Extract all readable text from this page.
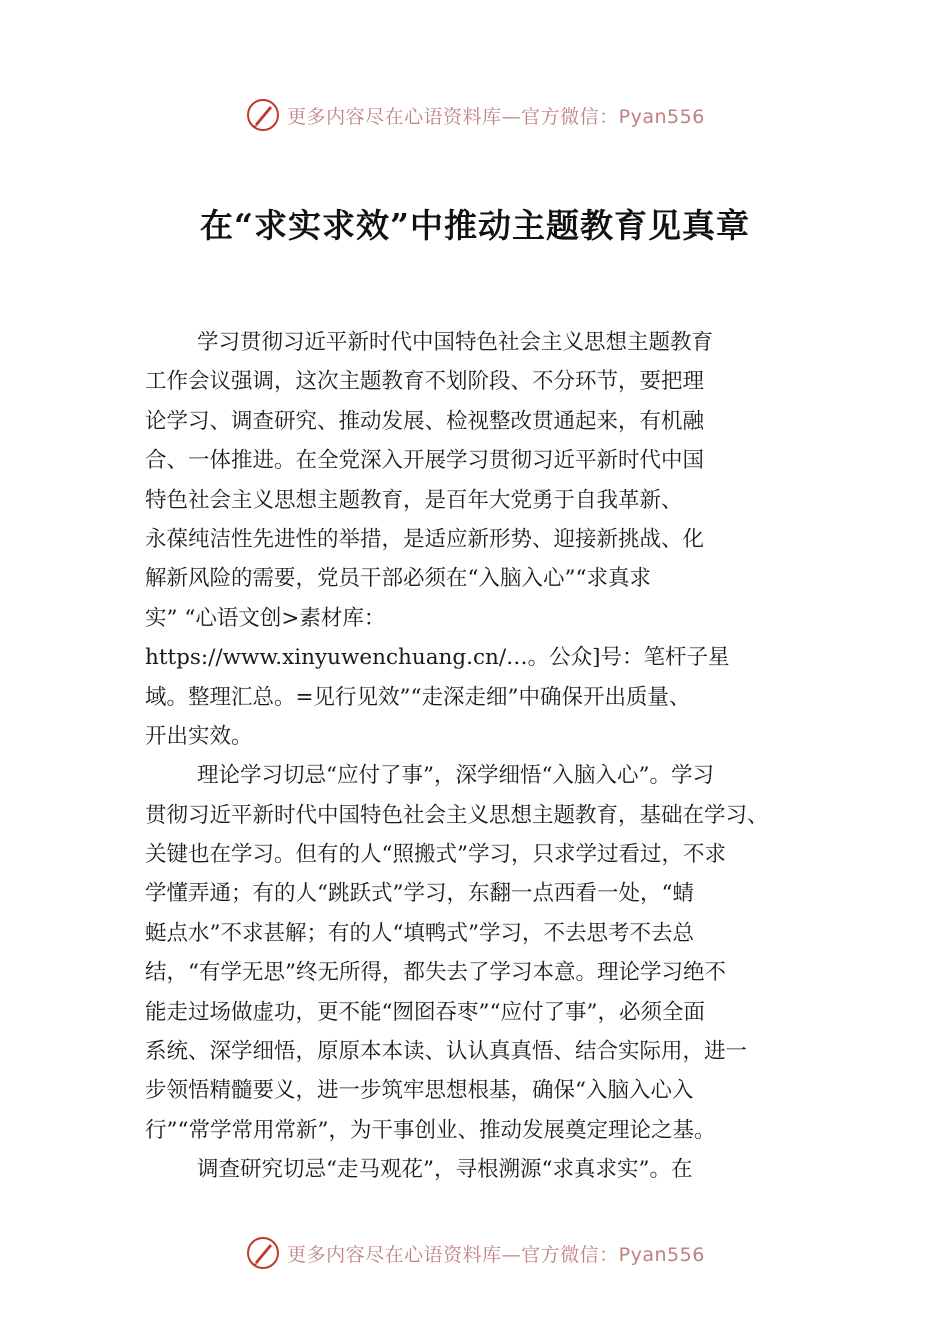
更多内容尽在心语资料库—官方微信：Pyan556
在“求实求效”中推动主题教育见真章
学习贯彻习近平新时代中国特色社会主义思想主题教育
工作会议强调，这次主题教育不划阶段、不分环节，要把理
论学习、调查研究、推动发展、检视整改贯通起来，有机融
合、一体推进。在全党深入开展学习贯彻习近平新时代中国
特色社会主义思想主题教育，是百年大党勇于自我革新、
永葆纯洁性先进性的举措，是适应新形势、迎接新挑战、化
解新风险的需要，党员干部必须在“入脑入心”“求真求
实” “心语文创>素材库：
https://www.xinyuwenchuang.cn/…。公众]号：笔杆子星
域。整理汇总。=见行见效”“走深走细”中确保开出质量、
开出实效。
理论学习切忌“应付了事”，深学细悟“入脑入心”。学习
贯彻习近平新时代中国特色社会主义思想主题教育，基础在学习、
关键也在学习。但有的人“照搬式”学习，只求学过看过，不求
学懂弄通；有的人“跳跃式”学习，东翻一点西看一处，“蜻
蜓点水”不求甚解；有的人“填鸭式”学习，不去思考不去总
结，“有学无思”终无所得，都失去了学习本意。理论学习绝不
能走过场做虚功，更不能“囫囵吞枣”“应付了事”，必须全面
系统、深学细悟，原原本本读、认认真真悟、结合实际用，进一
步领悟精髓要义，进一步筑牢思想根基，确保“入脑入心入
行”“常学常用常新”，为干事创业、推动发展奠定理论之基。
调查研究切忌“走马观花”，寻根溯源“求真求实”。在
更多内容尽在心语资料库—官方微信：Pyan556
